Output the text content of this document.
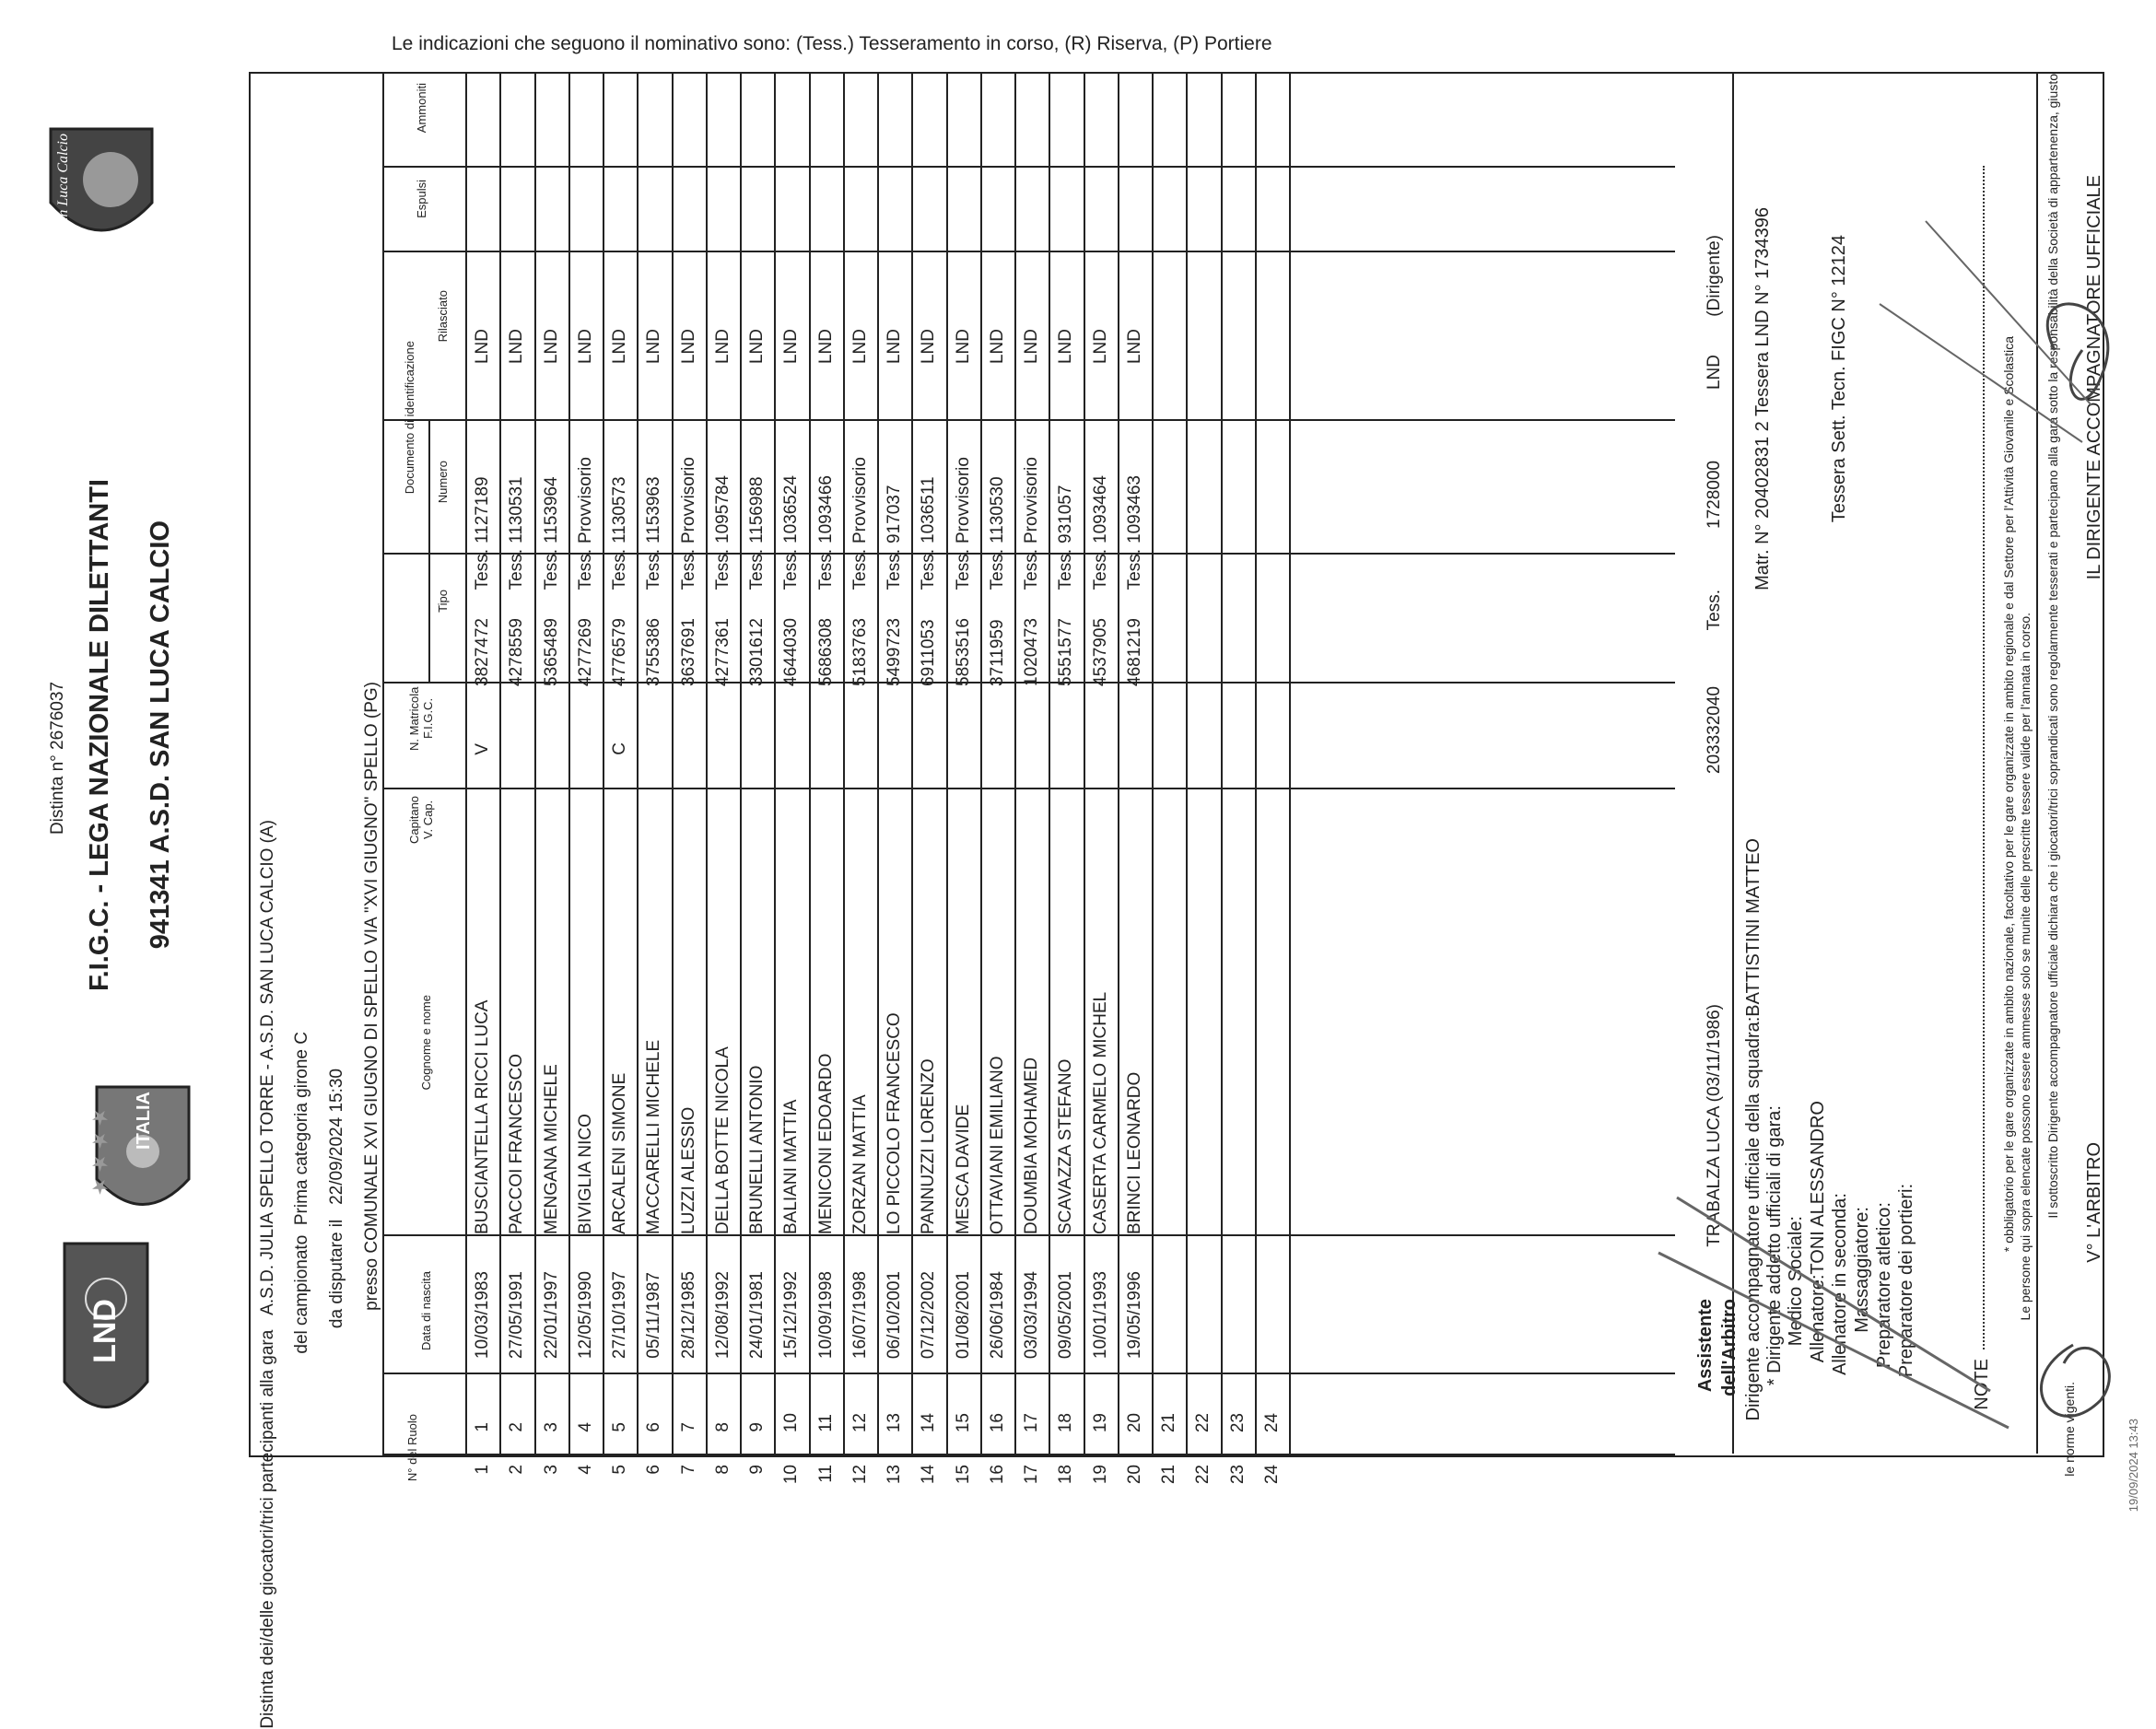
Le indicazioni che seguono il nominativo sono: (Tess.) Tesseramento in corso, (R) Riserva, (P) Portiere
Distinta n° 2676037 F.I.G.C. - LEGA NAZIONALE DILETTANTI 941341 A.S.D. SAN LUCA CALCIO
LND
ITALIA
★★★★
San Luca Calcio
Distinta dei/delle giocatori/trici partecipanti alla gara   A.S.D. JULIA SPELLO TORRE - A.S.D. SAN LUCA CALCIO (A) del campionato  Prima categoria girone C
da disputare il   22/09/2024 15:30
presso COMUNALE XVI GIUGNO DI SPELLO VIA "XVI GIUGNO" SPELLO (PG)
N° del Ruolo
Data di nascita
Cognome e nome
Capitano V. Cap.
N. Matricola F.I.G.C.
Documento di identificazione
Tipo
Numero
Rilasciato
Espulsi
Ammoniti
1
10/03/1983
BUSCIANTELLA RICCI LUCA
V
3827472
Tess.
1127189
LND
2
27/05/1991
PACCOI FRANCESCO
4278559
Tess.
1130531
LND
3
22/01/1997
MENGANA MICHELE
5365489
Tess.
1153964
LND
4
12/05/1990
BIVIGLIA NICO
4277269
Tess.
Provvisorio
LND
5
27/10/1997
ARCALENI SIMONE
C
4776579
Tess.
1130573
LND
6
05/11/1987
MACCARELLI MICHELE
3755386
Tess.
1153963
LND
7
28/12/1985
LUZZI ALESSIO
3637691
Tess.
Provvisorio
LND
8
12/08/1992
DELLA BOTTE NICOLA
4277361
Tess.
1095784
LND
9
24/01/1981
BRUNELLI ANTONIO
3301612
Tess.
1156988
LND
10
15/12/1992
BALIANI MATTIA
4644030
Tess.
1036524
LND
11
10/09/1998
MENICONI EDOARDO
5686308
Tess.
1093466
LND
12
16/07/1998
ZORZAN MATTIA
5183763
Tess.
Provvisorio
LND
13
06/10/2001
LO PICCOLO FRANCESCO
5499723
Tess.
917037
LND
14
07/12/2002
PANNUZZI LORENZO
6911053
Tess.
1036511
LND
15
01/08/2001
MESCA DAVIDE
5853516
Tess.
Provvisorio
LND
16
26/06/1984
OTTAVIANI EMILIANO
3711959
Tess.
1130530
LND
17
03/03/1994
DOUMBIA MOHAMED
1020473
Tess.
Provvisorio
LND
18
09/05/2001
SCAVAZZA STEFANO
5551577
Tess.
931057
LND
19
10/01/1993
CASERTA CARMELO MICHEL
4537905
Tess.
1093464
LND
20
19/05/1996
BRINCI LEONARDO
4681219
Tess.
1093463
LND
21 22 23 24
1 2 3 4 5 6 7 8 9 10 11 12 13 14 15 16 17 18 19 20 21 22 23 24
Assistente dell'Arbitro
TRABALZA LUCA (03/11/1986)
203332040
Tess.
1728000
LND
(Dirigente)
Dirigente accompagnatore ufficiale della squadra:BATTISTINI MATTEO
Matr. N° 20402831 2 Tessera LND N° 1734396
* Dirigente addetto ufficiali di gara: Medico Sociale: Allenatore:TONI ALESSANDRO
Tessera Sett. Tecn. FIGC N° 12124
Allenatore in seconda: Massaggiatore: Preparatore atletico: Preparatore dei portieri:
NOTE
* obbligatorio per le gare organizzate in ambito nazionale, facoltativo per le gare organizzate in ambito regionale e dal Settore per l'Attività Giovanile e Scolastica Le persone qui sopra elencate possono essere ammesse solo se munite delle prescritte tessere valide per l'annata in corso. Il sottoscritto Dirigente accompagnatore ufficiale dichiara che i giocatori/trici soprandicati sono regolarmente tesserati e partecipano alla gara sotto la responsabilità della Società di appartenenza, giusto
le norme vigenti.
V° L'ARBITRO
IL DIRIGENTE ACCOMPAGNATORE UFFICIALE
19/09/2024 13:43
